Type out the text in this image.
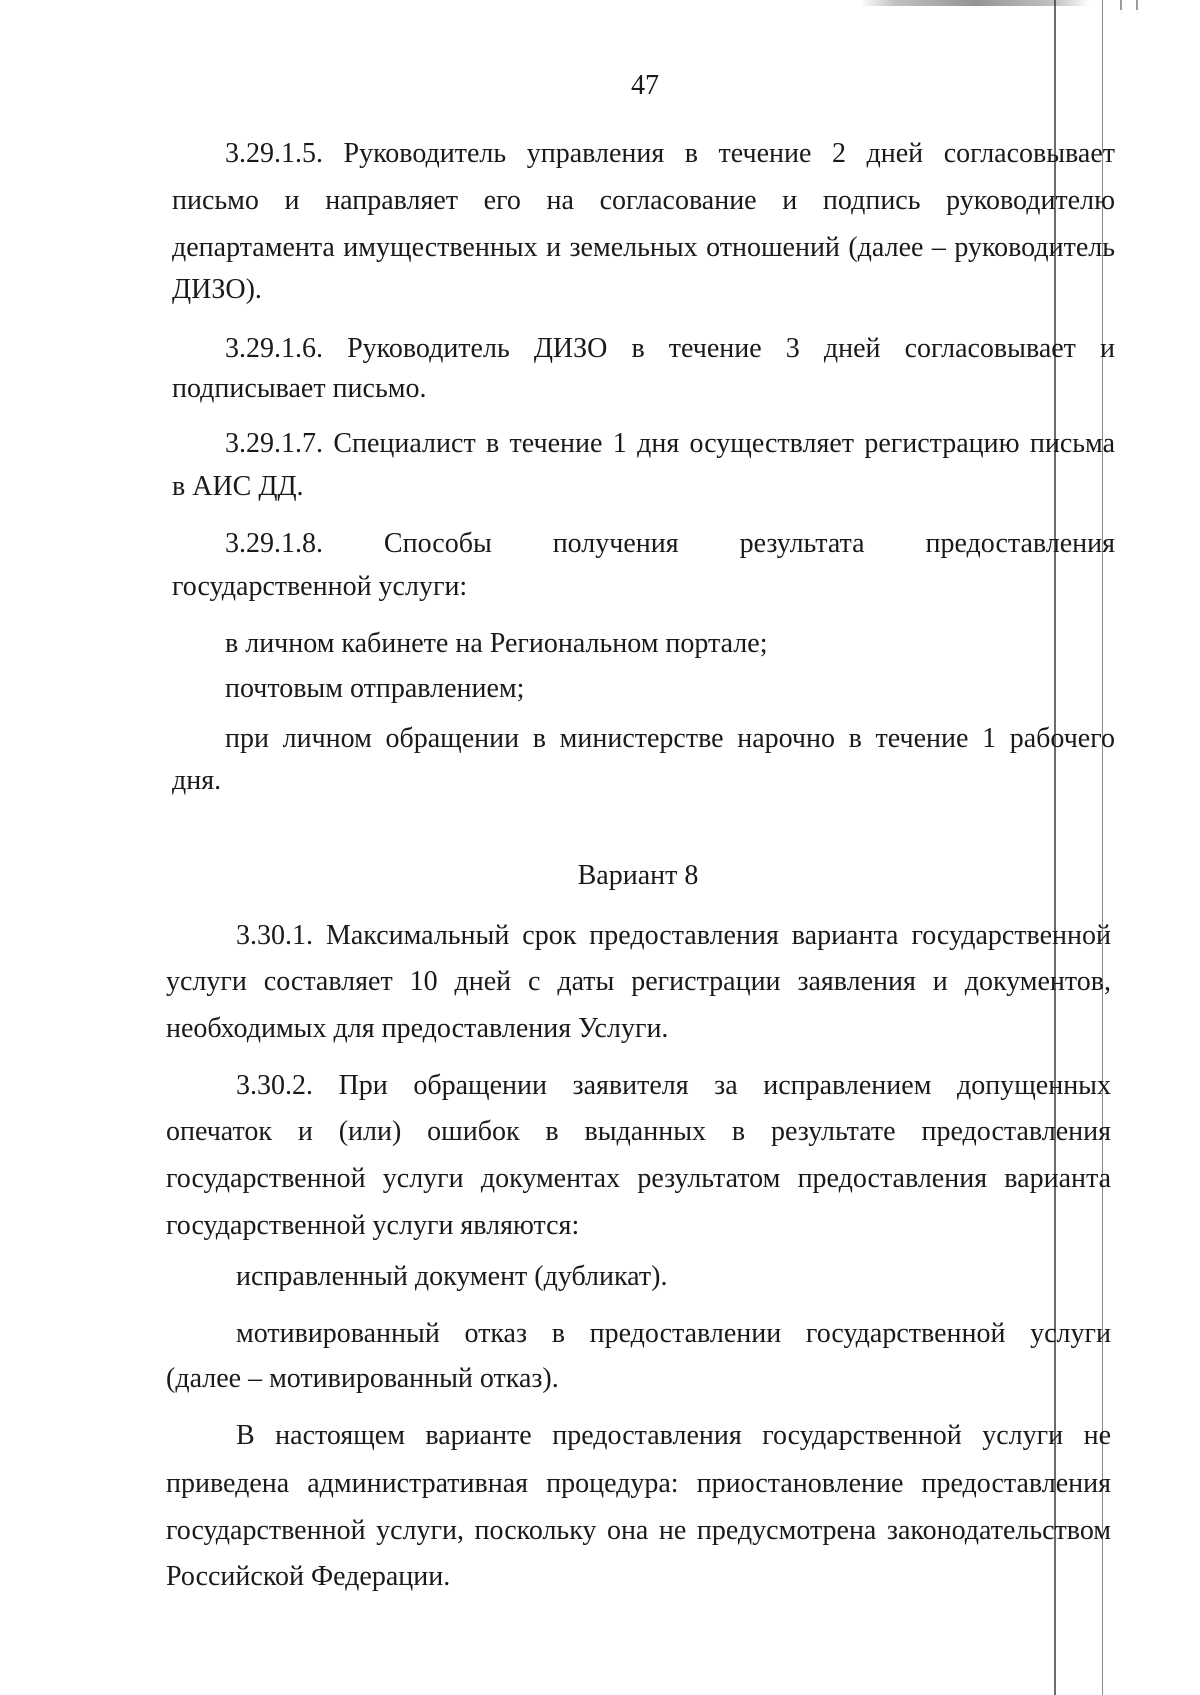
47
3.29.1.5. Руководитель управления в течение 2 дней согласовывает
письмо и направляет его на согласование и подпись руководителю
департамента имущественных и земельных отношений (далее – руководитель
ДИЗО).
3.29.1.6. Руководитель ДИЗО в течение 3 дней согласовывает и
подписывает письмо.
3.29.1.7. Специалист в течение 1 дня осуществляет регистрацию письма
в АИС ДД.
3.29.1.8. Способы получения результата предоставления
государственной услуги:
в личном кабинете на Региональном портале;
почтовым отправлением;
при личном обращении в министерстве нарочно в течение 1 рабочего
дня.
Вариант 8
3.30.1. Максимальный срок предоставления варианта государственной
услуги составляет 10 дней с даты регистрации заявления и документов,
необходимых для предоставления Услуги.
3.30.2. При обращении заявителя за исправлением допущенных
опечаток и (или) ошибок в выданных в результате предоставления
государственной услуги документах результатом предоставления варианта
государственной услуги являются:
исправленный документ (дубликат).
мотивированный отказ в предоставлении государственной услуги
(далее – мотивированный отказ).
В настоящем варианте предоставления государственной услуги не
приведена административная процедура: приостановление предоставления
государственной услуги, поскольку она не предусмотрена законодательством
Российской Федерации.
